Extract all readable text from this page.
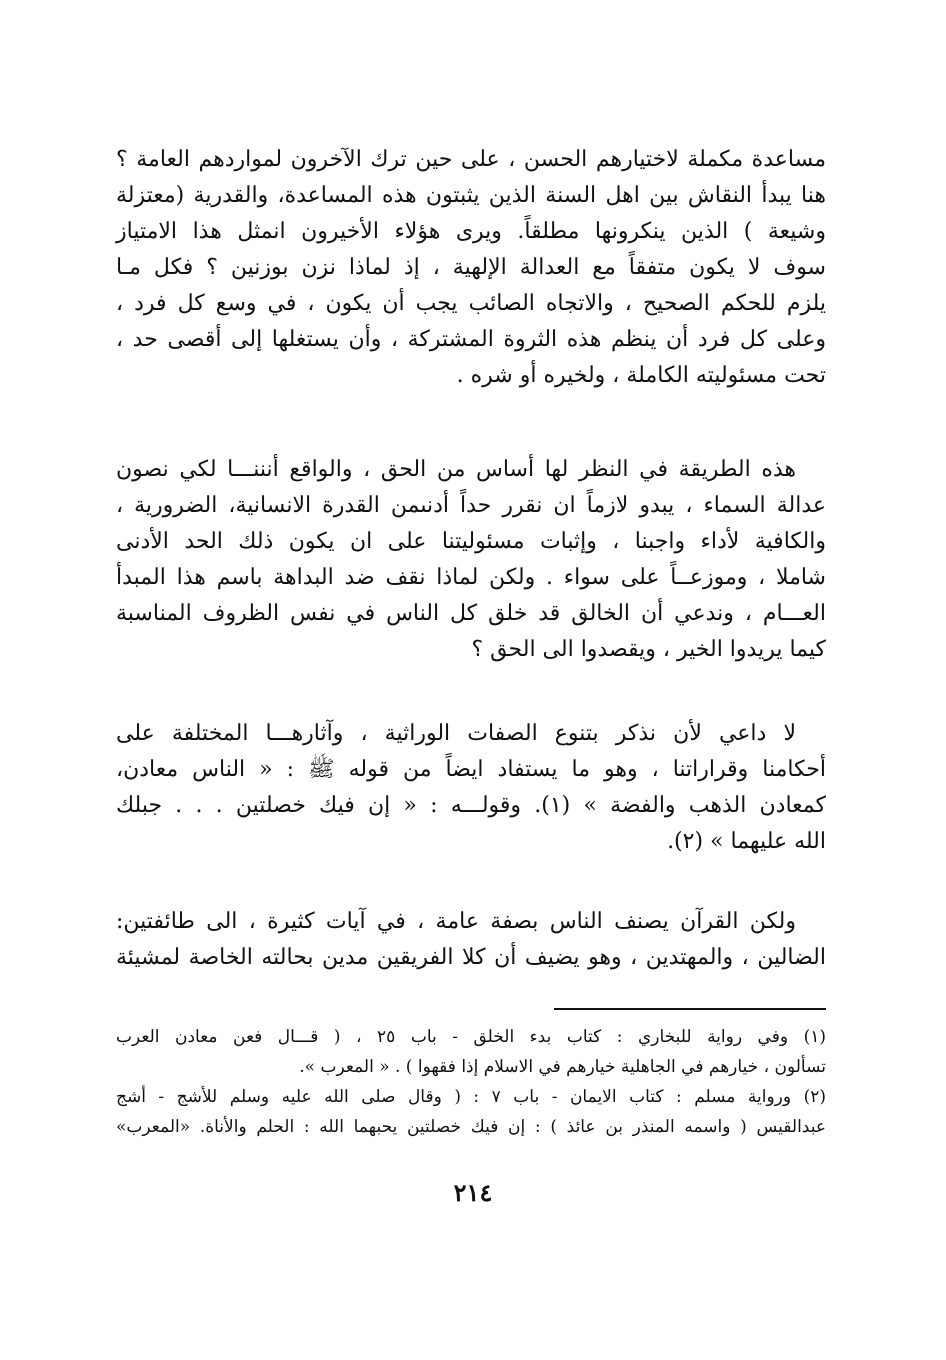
مساعدة مكملة لاختيارهم الحسن ، على حين ترك الآخرون لمواردهم العامة ؟
هنا يبدأ النقاش بين اهل السنة الذين يثبتون هذه المساعدة، والقدرية (معتزلة
وشيعة ) الذين ينكرونها مطلقاً. ويرى هؤلاء الأخيرون انمثل هذا الامتياز
سوف لا يكون متفقاً مع العدالة الإلهية ، إذ لماذا نزن بوزنين ؟ فكل مـا
يلزم للحكم الصحيح ، والاتجاه الصائب يجب أن يكون ، في وسع كل فرد ،
وعلى كل فرد أن ينظم هذه الثروة المشتركة ، وأن يستغلها إلى أقصى حد ،
تحت مسئوليته الكاملة ، ولخيره أو شره .
هذه الطريقة في النظر لها أساس من الحق ، والواقع أنننـــا لكي نصون
عدالة السماء ، يبدو لازماً ان نقرر حداً أدنىمن القدرة الانسانية، الضرورية ،
والكافية لأداء واجبنا ، وإثبات مسئوليتنا على ان يكون ذلك الحد الأدنى
شاملا ، وموزعــاً على سواء . ولكن لماذا نقف ضد البداهة باسم هذا المبدأ
العـــام ، وندعي أن الخالق قد خلق كل الناس في نفس الظروف المناسبة
كيما يريدوا الخير ، ويقصدوا الى الحق ؟
لا داعي لأن نذكر بتنوع الصفات الوراثية ، وآثارهـــا المختلفة على
أحكامنا وقراراتنا ، وهو ما يستفاد ايضاً من قوله ﷺ : « الناس معادن،
كمعادن الذهب والفضة » (١). وقولـــه : « إن فيك خصلتين . . . جبلك
الله عليهما » (٢).
ولكن القرآن يصنف الناس بصفة عامة ، في آيات كثيرة ، الى طائفتين:
الضالين ، والمهتدين ، وهو يضيف أن كلا الفريقين مدين بحالته الخاصة لمشيئة
(١) وفي رواية للبخاري : كتاب بدء الخلق - باب ٢٥ ، ( قـــال فعن معادن العرب
تسألون ، خيارهم في الجاهلية خيارهم في الاسلام إذا فقهوا ) . « المعرب ».
(٢) ورواية مسلم : كتاب الايمان - باب ٧ : ( وقال صلى الله عليه وسلم للأشج - أشج
عبدالقيس ( واسمه المنذر بن عائذ ) : إن فيك خصلتين يحبهما الله : الحلم والأناة. «المعرب»
٢١٤
